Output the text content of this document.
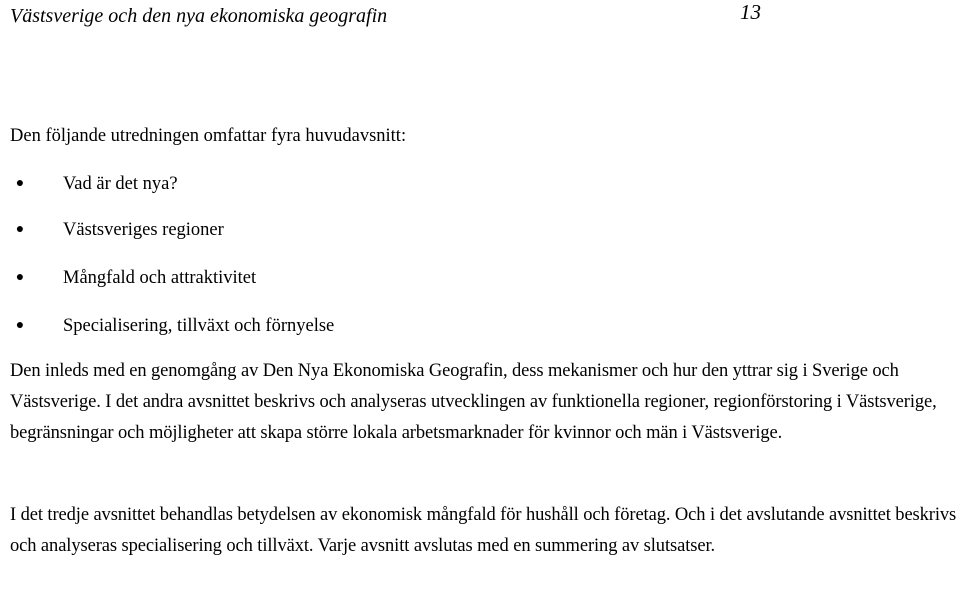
Västsverige och den nya ekonomiska geografin	13
Den följande utredningen omfattar fyra huvudavsnitt:
●	Vad är det nya?
●	Västsveriges regioner
●	Mångfald och attraktivitet
●	Specialisering, tillväxt och förnyelse

Den inleds med en genomgång av Den Nya Ekonomiska Geografin, dess mekanismer och hur den yttrar sig i Sverige och Västsverige. I det andra avsnittet beskrivs och analyseras utvecklingen av funktionella regioner, regionförstoring i Västsverige, begränsningar och möjligheter att skapa större lokala arbetsmarknader för kvinnor och män i Västsverige.

I det tredje avsnittet behandlas betydelsen av ekonomisk mångfald för hushåll och företag. Och i det avslutande avsnittet beskrivs och analyseras specialisering och tillväxt. Varje avsnitt avslutas med en summering av slutsatser.
